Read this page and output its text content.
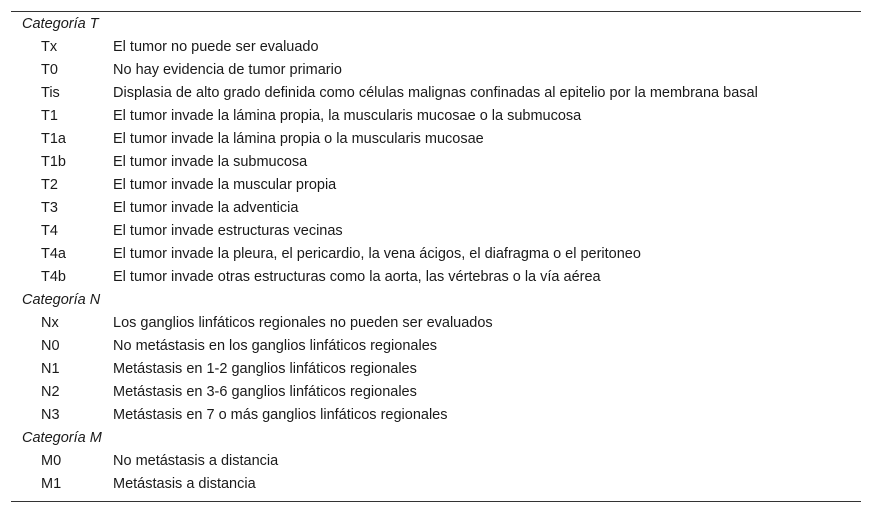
Categoría T	
Tx	El tumor no puede ser evaluado
T0	No hay evidencia de tumor primario
Tis	Displasia de alto grado definida como células malignas confinadas al epitelio por la membrana basal
T1	El tumor invade la lámina propia, la muscularis mucosae o la submucosa
T1a	El tumor invade la lámina propia o la muscularis mucosae
T1b	El tumor invade la submucosa
T2	El tumor invade la muscular propia
T3	El tumor invade la adventicia
T4	El tumor invade estructuras vecinas
T4a	El tumor invade la pleura, el pericardio, la vena ácigos, el diafragma o el peritoneo
T4b	El tumor invade otras estructuras como la aorta, las vértebras o la vía aérea
Categoría N	
Nx	Los ganglios linfáticos regionales no pueden ser evaluados
N0	No metástasis en los ganglios linfáticos regionales
N1	Metástasis en 1-2 ganglios linfáticos regionales
N2	Metástasis en 3-6 ganglios linfáticos regionales
N3	Metástasis en 7 o más ganglios linfáticos regionales
Categoría M	
M0	No metástasis a distancia
M1	Metástasis a distancia
